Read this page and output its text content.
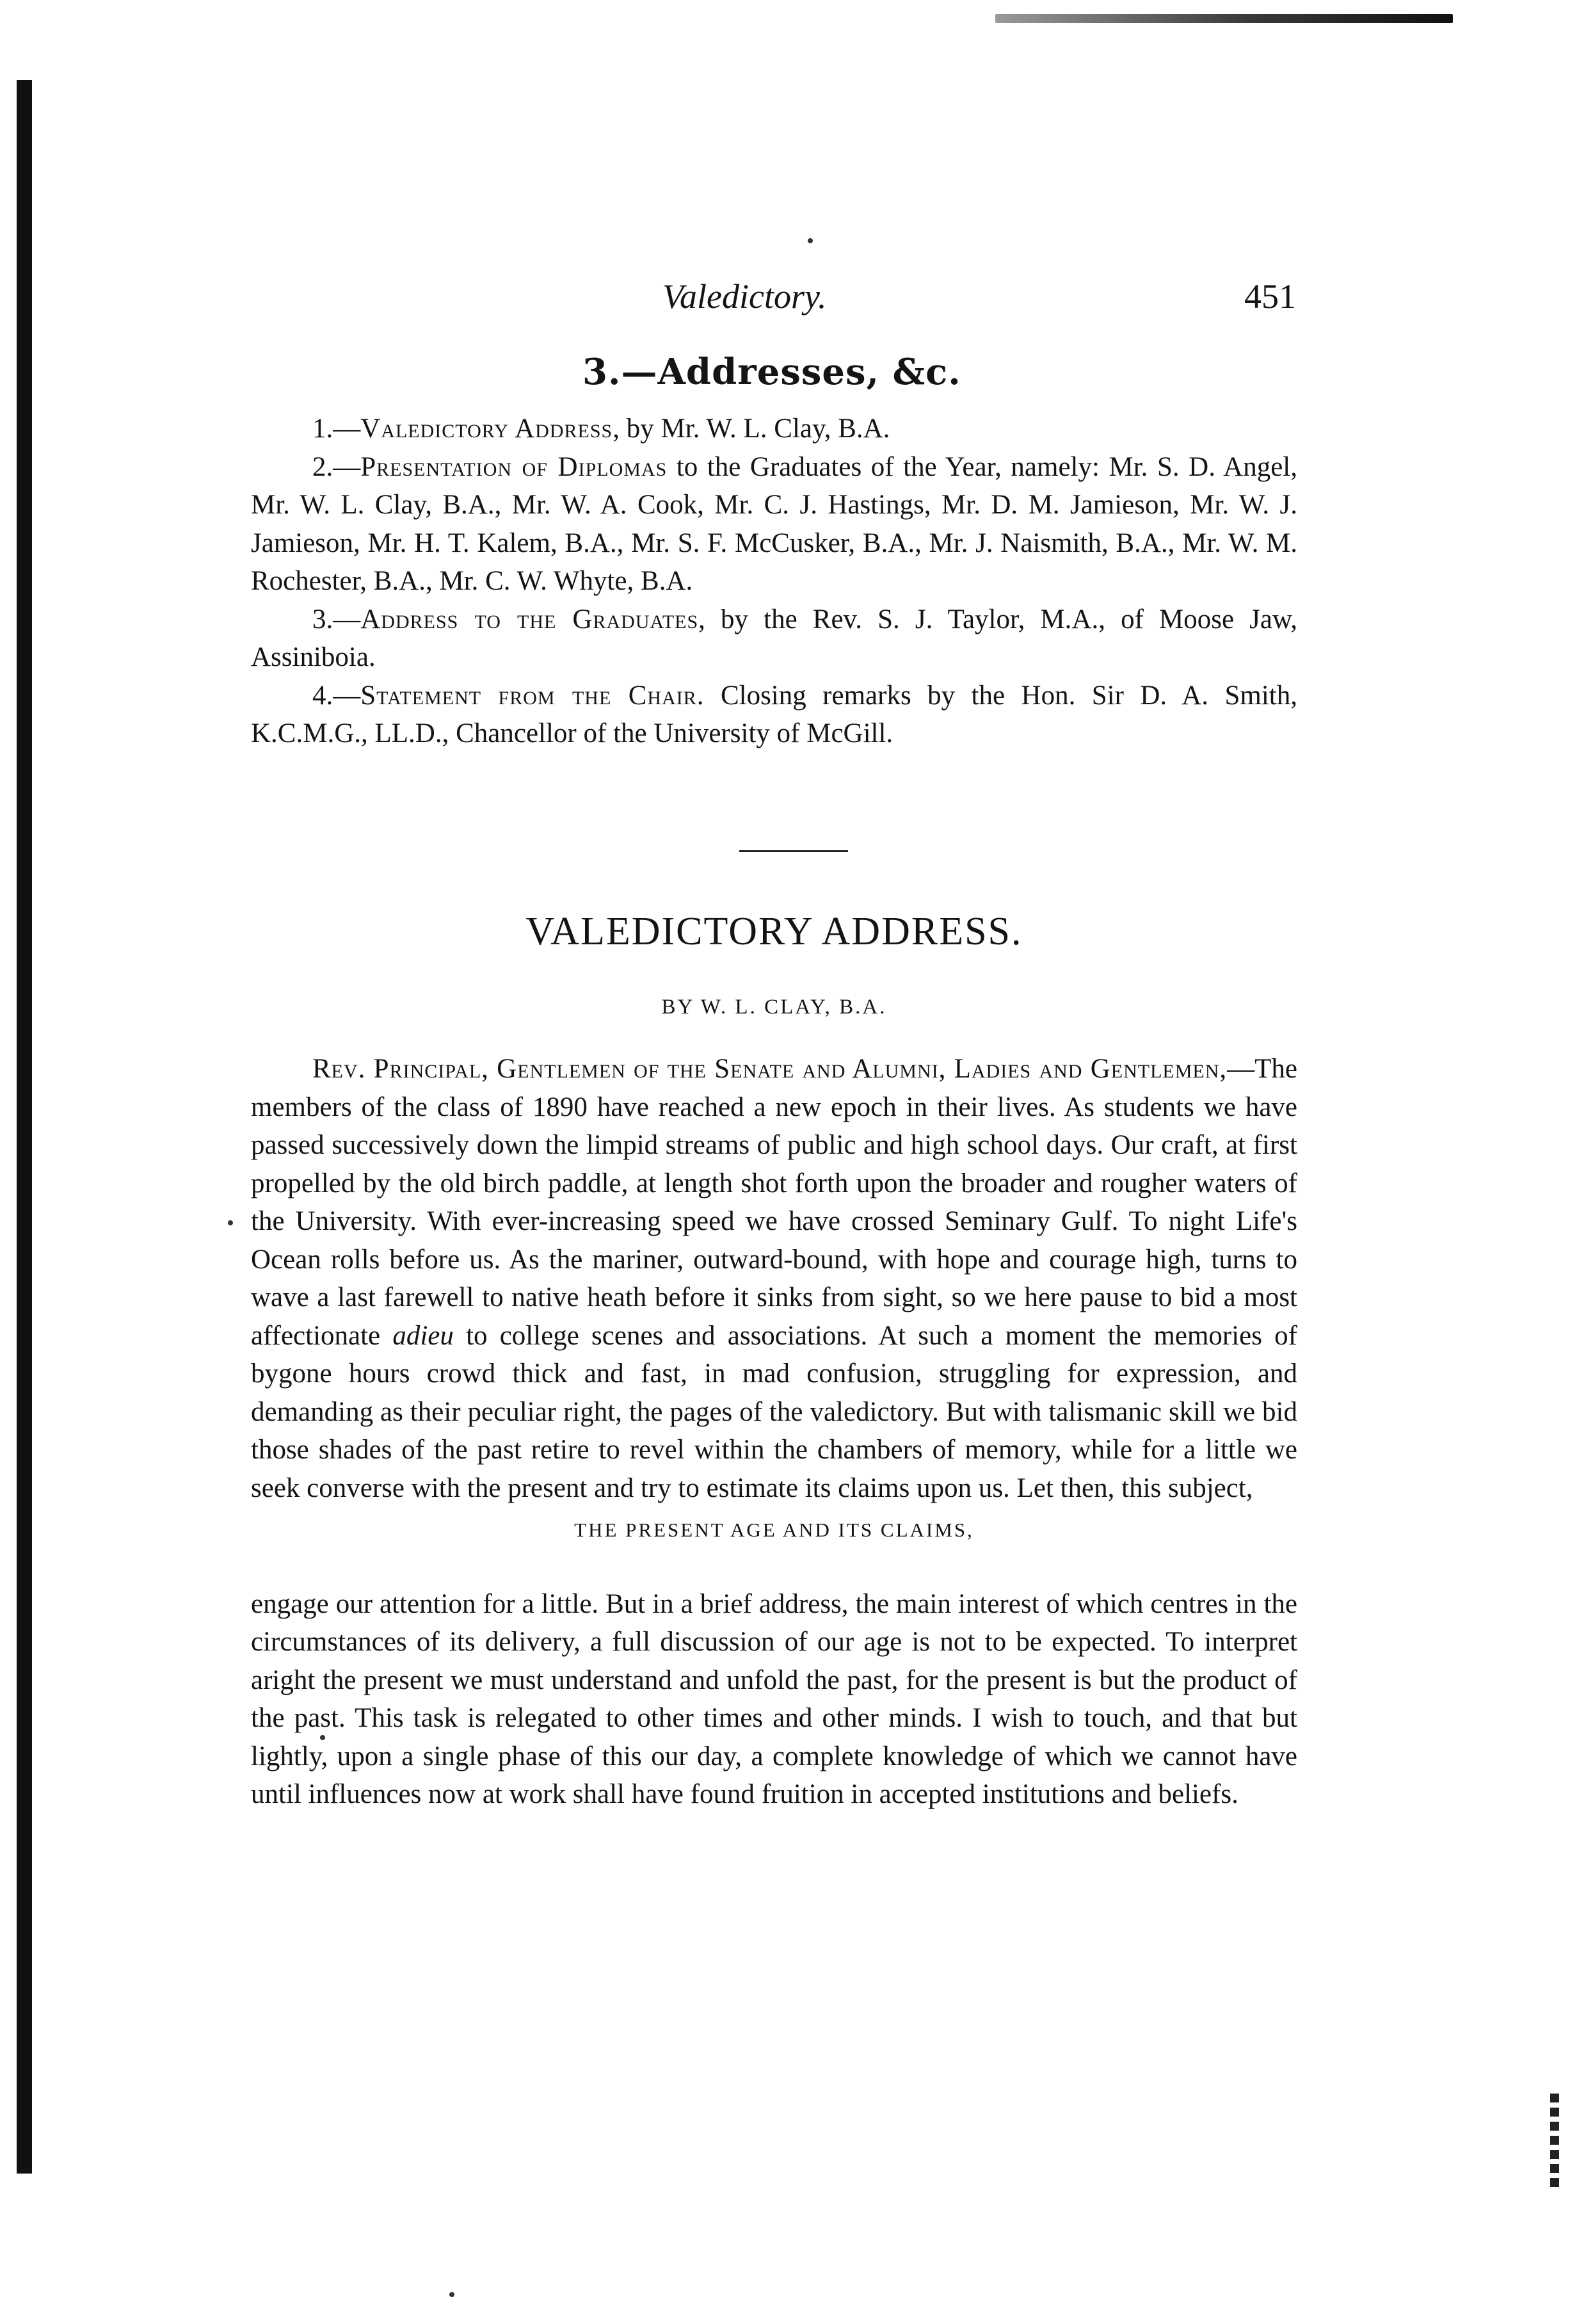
Valedictory.	451
3.—Addresses, &c.

1.—Valedictory Address, by Mr. W. L. Clay, B.A.

2.—Presentation of Diplomas to the Graduates of the Year, namely: Mr. S. D. Angel, Mr. W. L. Clay, B.A., Mr. W. A. Cook, Mr. C. J. Hastings, Mr. D. M. Jamieson, Mr. W. J. Jamieson, Mr. H. T. Kalem, B.A., Mr. S. F. McCusker, B.A., Mr. J. Naismith, B.A., Mr. W. M. Rochester, B.A., Mr. C. W. Whyte, B.A.

3.—Address to the Graduates, by the Rev. S. J. Taylor, M.A., of Moose Jaw, Assiniboia.

4.—Statement from the Chair. Closing remarks by the Hon. Sir D. A. Smith, K.C.M.G., LL.D., Chancellor of the University of McGill.

VALEDICTORY ADDRESS.
BY W. L. CLAY, B.A.

Rev. Principal, Gentlemen of the Senate and Alumni, Ladies and Gentlemen,—The members of the class of 1890 have reached a new epoch in their lives. As students we have passed successively down the limpid streams of public and high school days. Our craft, at first propelled by the old birch paddle, at length shot forth upon the broader and rougher waters of the University. With ever-increasing speed we have crossed Seminary Gulf. To night Life's Ocean rolls before us. As the mariner, outward-bound, with hope and courage high, turns to wave a last farewell to native heath before it sinks from sight, so we here pause to bid a most affectionate adieu to college scenes and associations. At such a moment the memories of bygone hours crowd thick and fast, in mad confusion, struggling for expression, and demanding as their peculiar right, the pages of the valedictory. But with talismanic skill we bid those shades of the past retire to revel within the chambers of memory, while for a little we seek converse with the present and try to estimate its claims upon us. Let then, this subject,

THE PRESENT AGE AND ITS CLAIMS,

engage our attention for a little. But in a brief address, the main interest of which centres in the circumstances of its delivery, a full discussion of our age is not to be expected. To interpret aright the present we must understand and unfold the past, for the present is but the product of the past. This task is relegated to other times and other minds. I wish to touch, and that but lightly, upon a single phase of this our day, a complete knowledge of which we cannot have until influences now at work shall have found fruition in accepted institutions and beliefs.
